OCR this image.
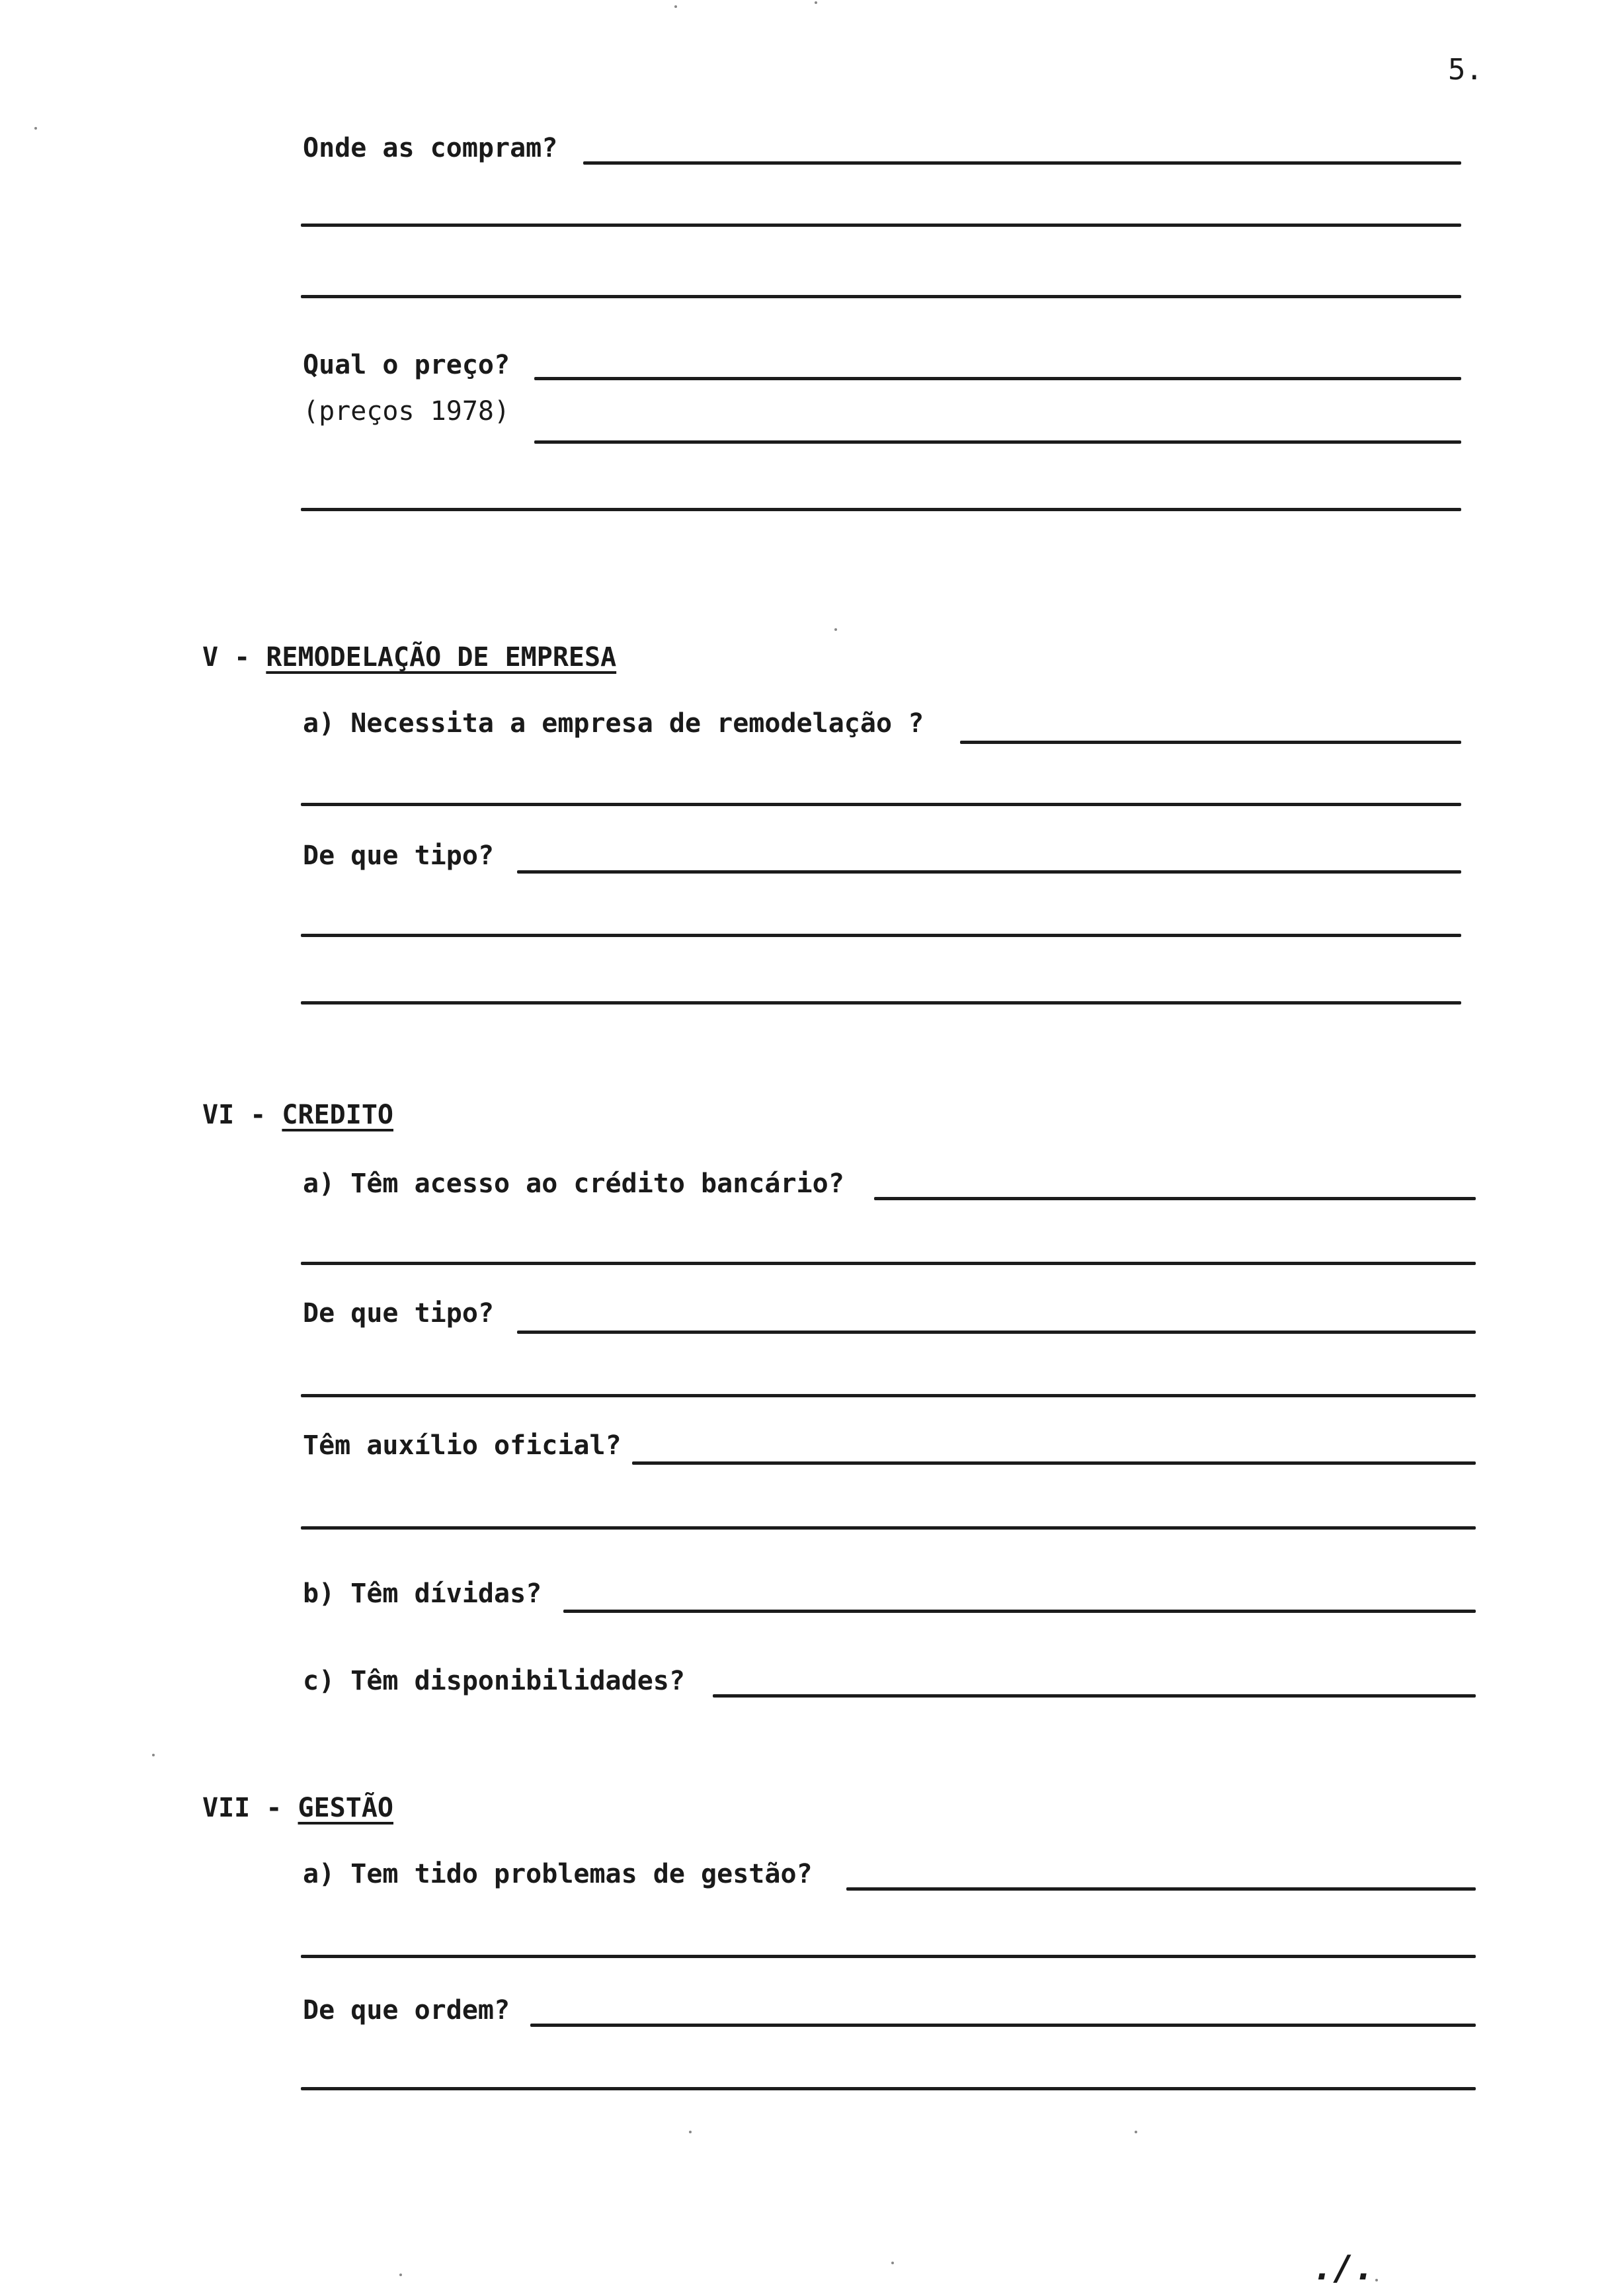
5.
Onde as compram?
Qual o preço?
(preços 1978)
V - REMODELAÇÃO DE EMPRESA
a) Necessita a empresa de remodelação ?
De que tipo?
VI - CREDITO
a) Têm acesso ao crédito bancário?
De que tipo?
Têm auxílio oficial?
b) Têm dívidas?
c) Têm disponibilidades?
VII - GESTÃO
a) Tem tido problemas de gestão?
De que ordem?
./.
